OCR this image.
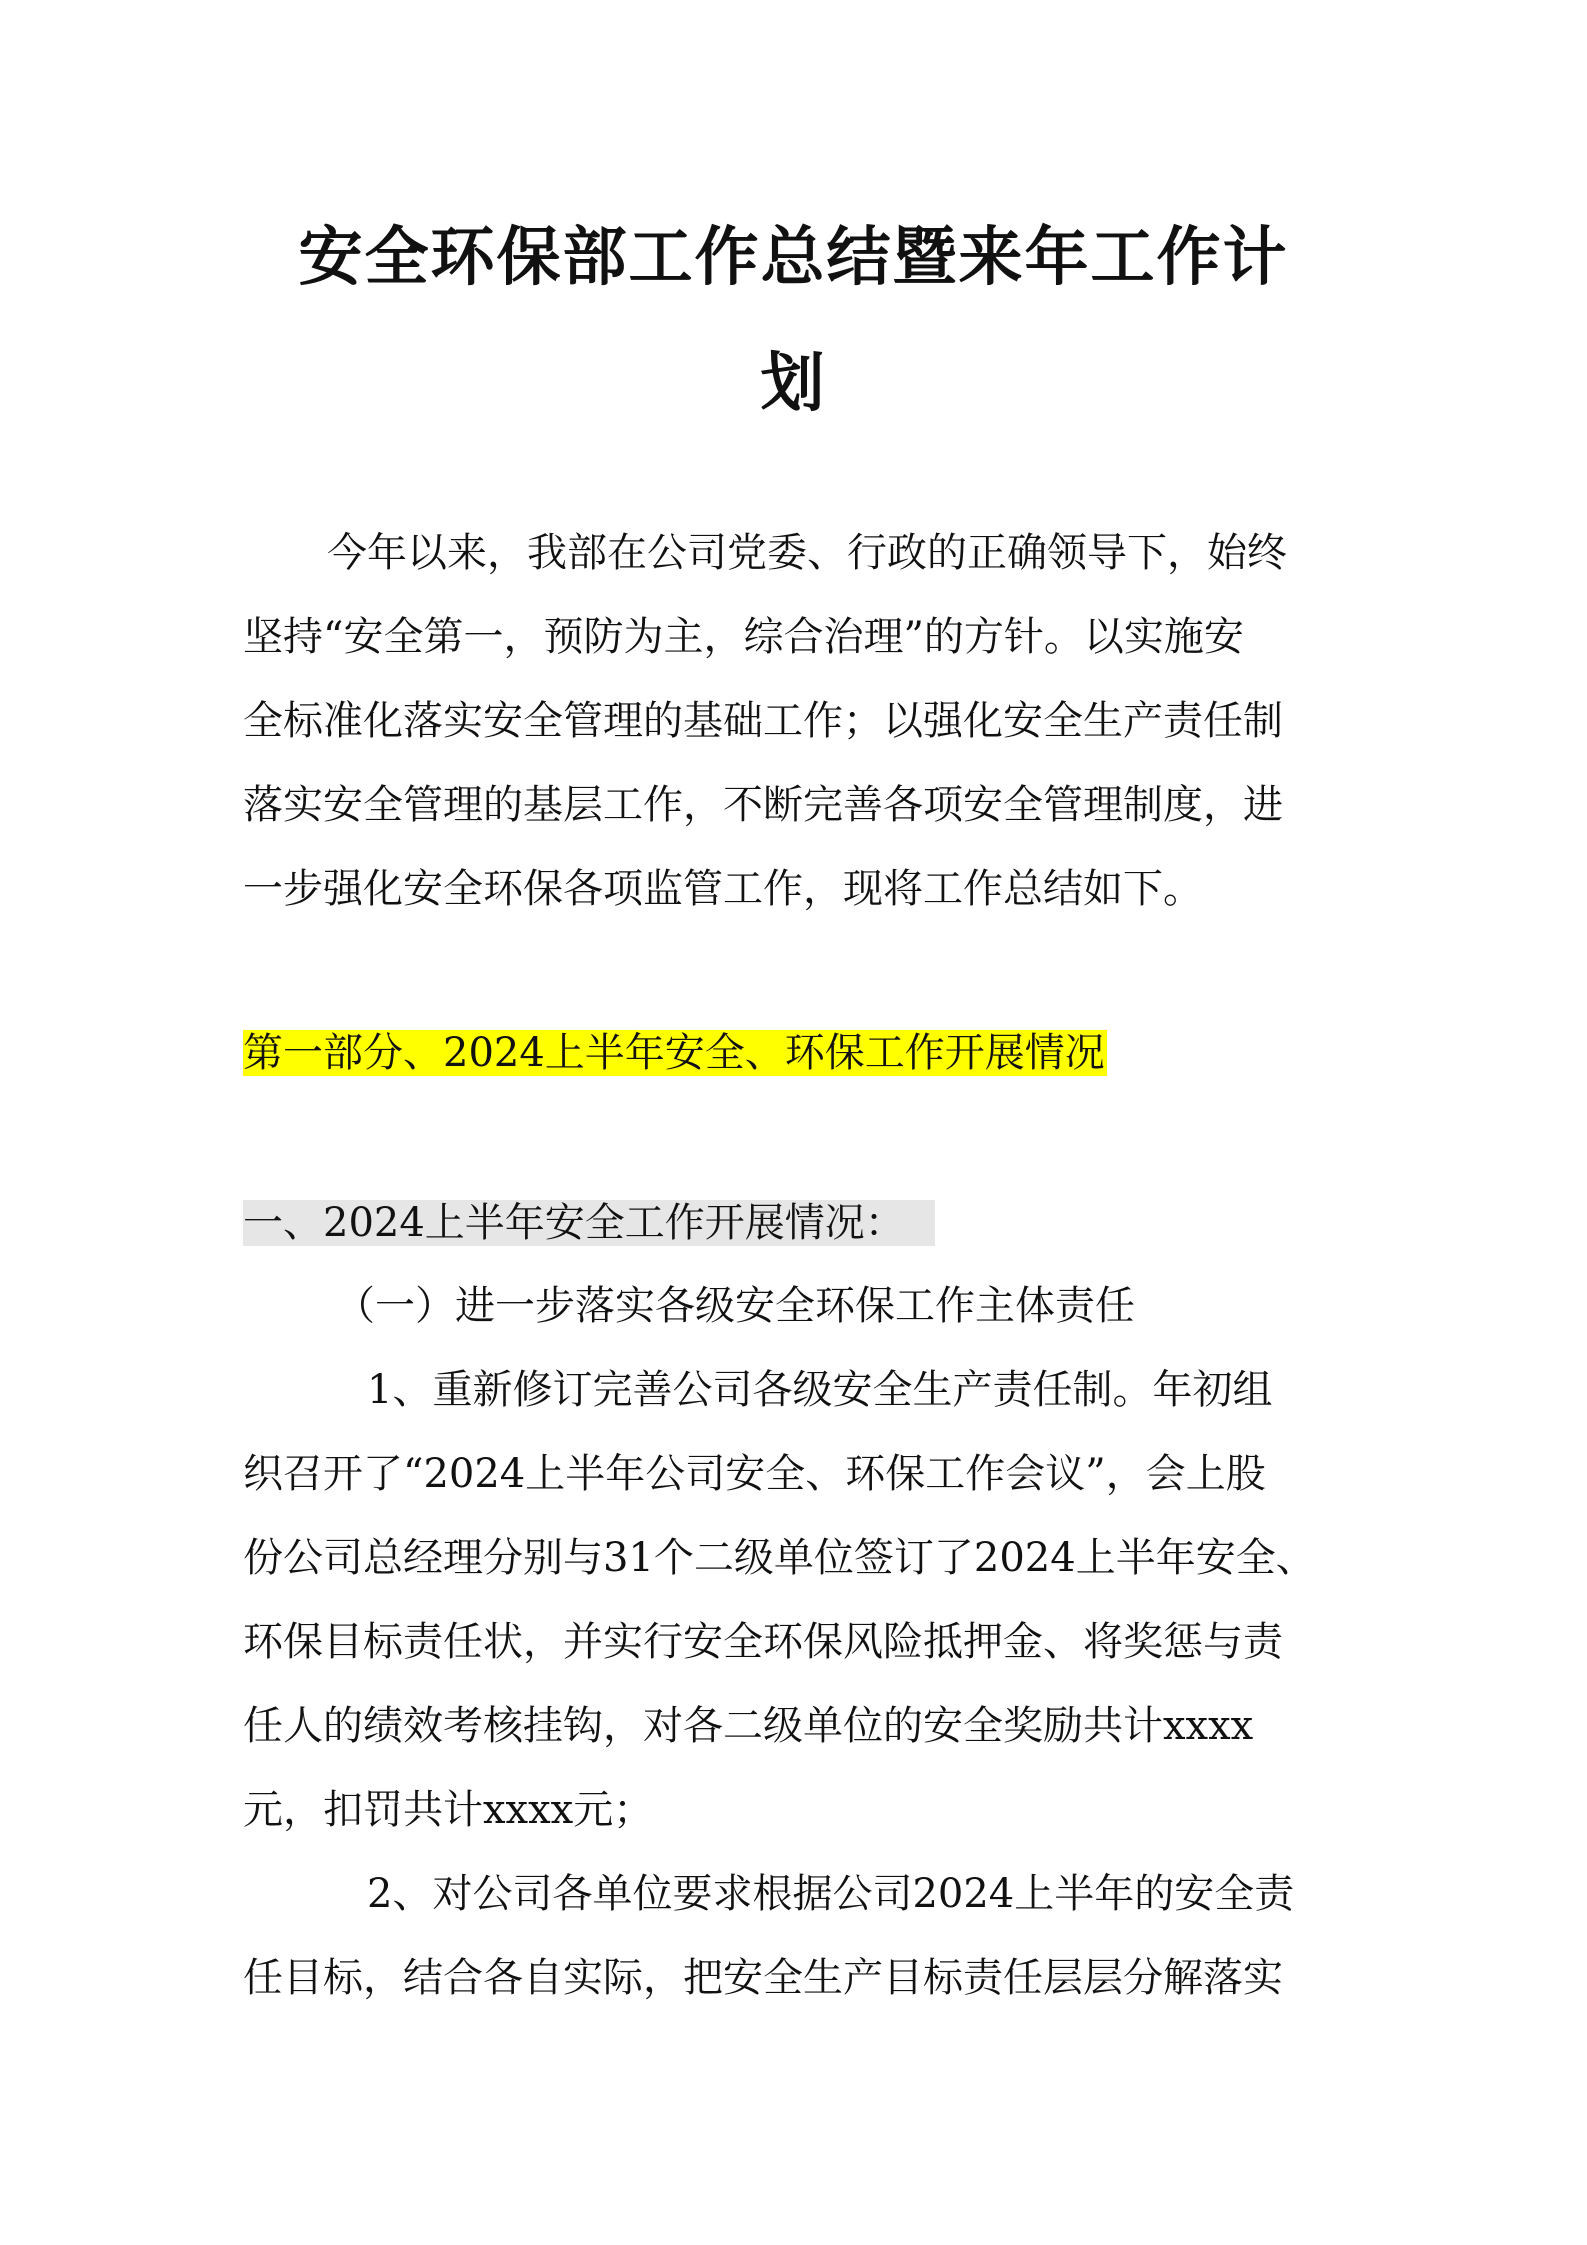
安全环保部工作总结暨来年工作计
划
今年以来，我部在公司党委、行政的正确领导下，始终
坚持“安全第一，预防为主，综合治理”的方针。以实施安
全标准化落实安全管理的基础工作；以强化安全生产责任制
落实安全管理的基层工作，不断完善各项安全管理制度，进
一步强化安全环保各项监管工作，现将工作总结如下。
第一部分、2024上半年安全、环保工作开展情况
一、2024上半年安全工作开展情况：
（一）进一步落实各级安全环保工作主体责任
1、重新修订完善公司各级安全生产责任制。年初组
织召开了“2024上半年公司安全、环保工作会议”，会上股
份公司总经理分别与31个二级单位签订了2024上半年安全、
环保目标责任状，并实行安全环保风险抵押金、将奖惩与责
任人的绩效考核挂钩，对各二级单位的安全奖励共计xxxx
元，扣罚共计xxxx元；
2、对公司各单位要求根据公司2024上半年的安全责
任目标，结合各自实际，把安全生产目标责任层层分解落实
